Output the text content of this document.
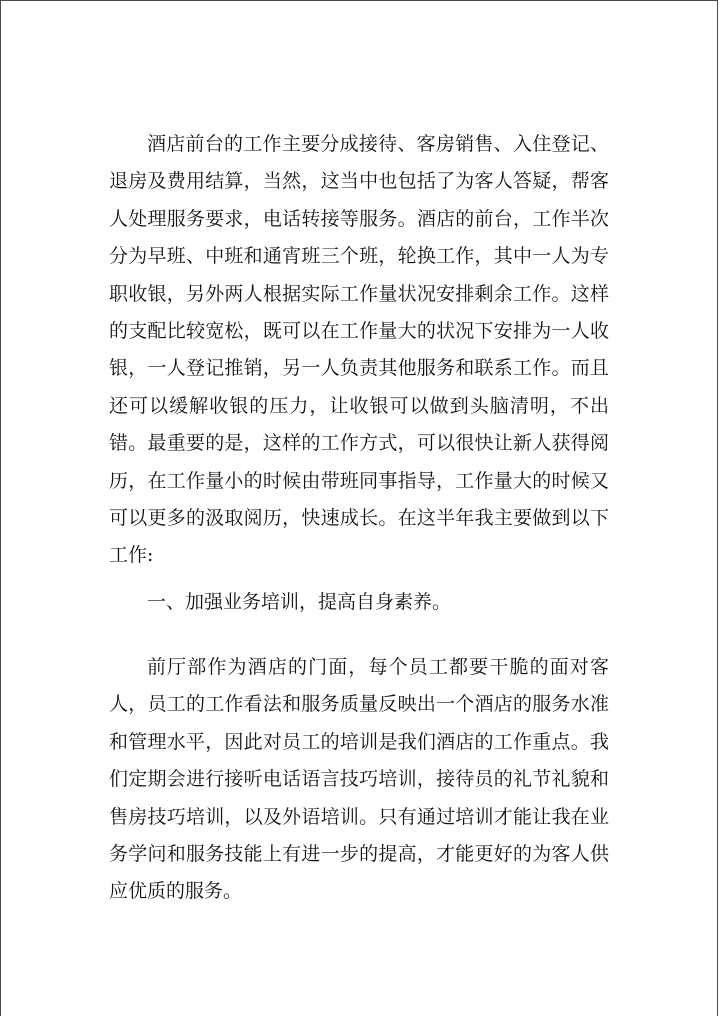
酒店前台的工作主要分成接待、客房销售、入住登记、退房及费用结算，当然，这当中也包括了为客人答疑，帮客人处理服务要求，电话转接等服务。酒店的前台，工作半次分为早班、中班和通宵班三个班，轮换工作，其中一人为专职收银，另外两人根据实际工作量状况安排剩余工作。这样的支配比较宽松，既可以在工作量大的状况下安排为一人收银，一人登记推销，另一人负责其他服务和联系工作。而且还可以缓解收银的压力，让收银可以做到头脑清明，不出错。最重要的是，这样的工作方式，可以很快让新人获得阅历，在工作量小的时候由带班同事指导，工作量大的时候又可以更多的汲取阅历，快速成长。在这半年我主要做到以下工作:

一、加强业务培训，提高自身素养。

前厅部作为酒店的门面，每个员工都要干脆的面对客人，员工的工作看法和服务质量反映出一个酒店的服务水准和管理水平，因此对员工的培训是我们酒店的工作重点。我们定期会进行接听电话语言技巧培训，接待员的礼节礼貌和售房技巧培训，以及外语培训。只有通过培训才能让我在业务学问和服务技能上有进一步的提高，才能更好的为客人供应优质的服务。
